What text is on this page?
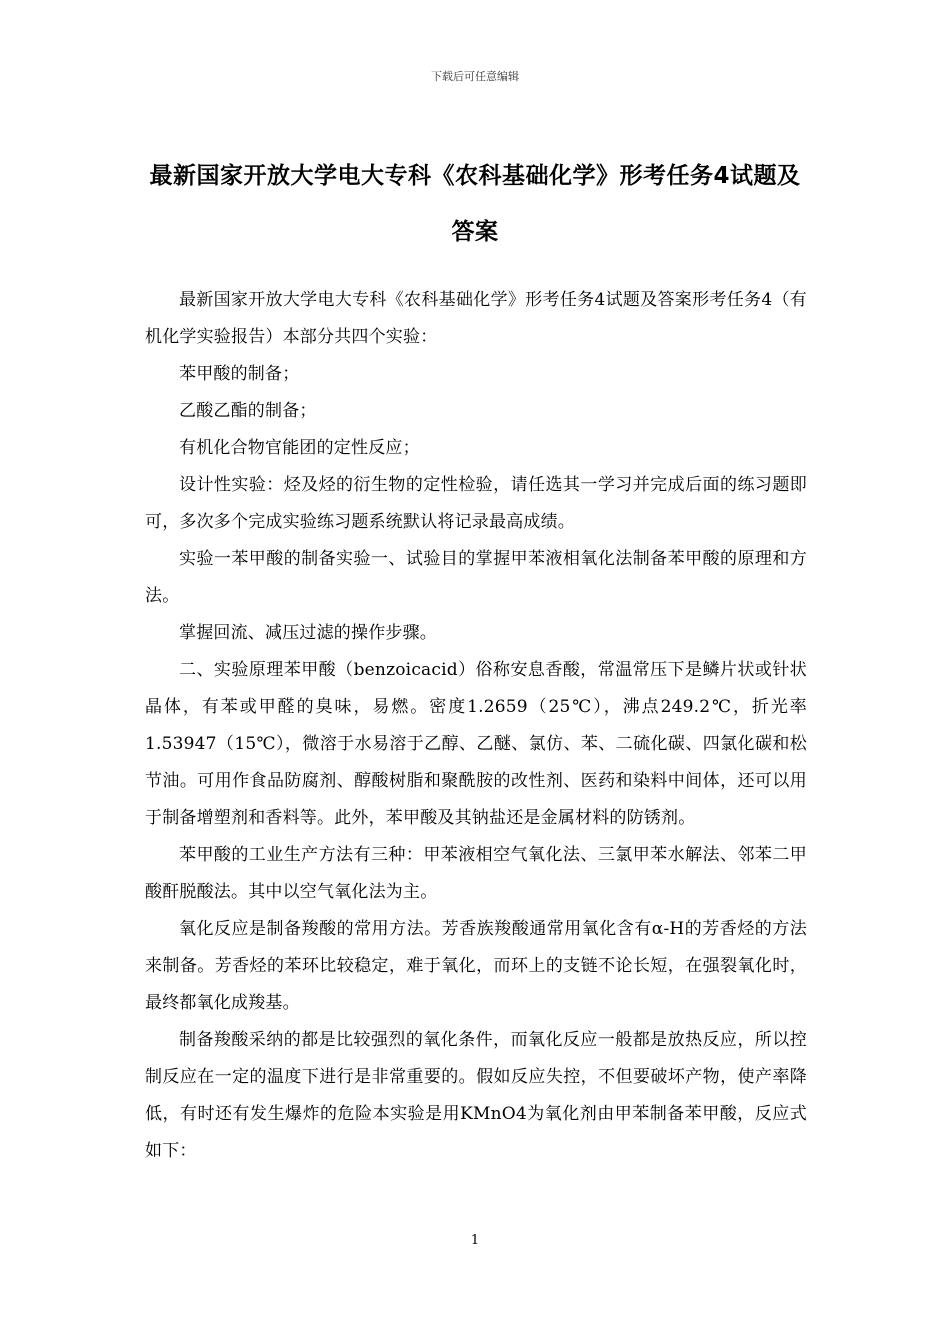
下载后可任意编辑
最新国家开放大学电大专科《农科基础化学》形考任务4试题及答案

最新国家开放大学电大专科《农科基础化学》形考任务4试题及答案形考任务4（有机化学实验报告）本部分共四个实验：

苯甲酸的制备；

乙酸乙酯的制备；

有机化合物官能团的定性反应；

设计性实验：烃及烃的衍生物的定性检验，请任选其一学习并完成后面的练习题即可，多次多个完成实验练习题系统默认将记录最高成绩。

实验一苯甲酸的制备实验一、试验目的掌握甲苯液相氧化法制备苯甲酸的原理和方法。

掌握回流、减压过滤的操作步骤。

二、实验原理苯甲酸（benzoicacid）俗称安息香酸，常温常压下是鳞片状或针状晶体，有苯或甲醛的臭味，易燃。密度1.2659（25℃），沸点249.2℃，折光率1.53947（15℃），微溶于水易溶于乙醇、乙醚、氯仿、苯、二硫化碳、四氯化碳和松节油。可用作食品防腐剂、醇酸树脂和聚酰胺的改性剂、医药和染料中间体，还可以用于制备增塑剂和香料等。此外，苯甲酸及其钠盐还是金属材料的防锈剂。

苯甲酸的工业生产方法有三种：甲苯液相空气氧化法、三氯甲苯水解法、邻苯二甲酸酐脱酸法。其中以空气氧化法为主。

氧化反应是制备羧酸的常用方法。芳香族羧酸通常用氧化含有α-H的芳香烃的方法来制备。芳香烃的苯环比较稳定，难于氧化，而环上的支链不论长短，在强裂氧化时，最终都氧化成羧基。

制备羧酸采纳的都是比较强烈的氧化条件，而氧化反应一般都是放热反应，所以控制反应在一定的温度下进行是非常重要的。假如反应失控，不但要破坏产物，使产率降低，有时还有发生爆炸的危险本实验是用KMnO4为氧化剂由甲苯制备苯甲酸，反应式如下：

1
